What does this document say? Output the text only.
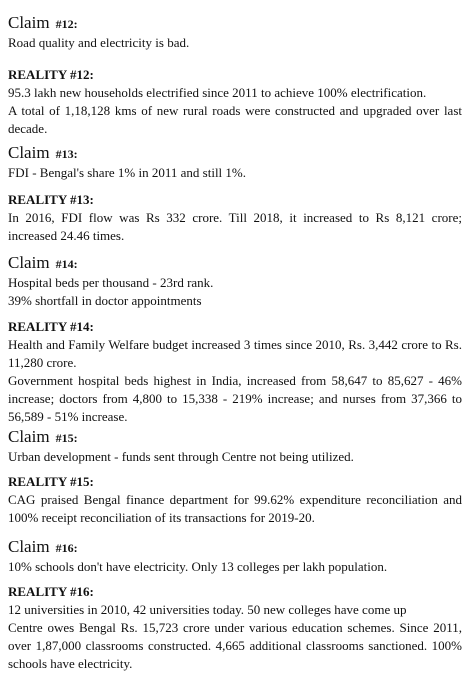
Claim #12:

Road quality and electricity is bad.

REALITY #12:

95.3 lakh new households electrified since 2011 to achieve 100% electrification.

A total of 1,18,128 kms of new rural roads were constructed and upgraded over last decade.

Claim #13:

FDI - Bengal's share 1% in 2011 and still 1%.

REALITY #13:

In 2016, FDI flow was Rs 332 crore. Till 2018, it increased to Rs 8,121 crore; increased 24.46 times.

Claim #14:

Hospital beds per thousand - 23rd rank.

39% shortfall in doctor appointments

REALITY #14:

Health and Family Welfare budget increased 3 times since 2010, Rs. 3,442 crore to Rs. 11,280 crore.

Government hospital beds highest in India, increased from 58,647 to 85,627 - 46% increase; doctors from 4,800 to 15,338 - 219% increase; and nurses from 37,366 to 56,589 - 51% increase.

Claim #15:

Urban development - funds sent through Centre not being utilized.

REALITY #15:

CAG praised Bengal finance department for 99.62% expenditure reconciliation and 100% receipt reconciliation of its transactions for 2019-20.

Claim #16:

10% schools don't have electricity. Only 13 colleges per lakh population.

REALITY #16:

12 universities in 2010, 42 universities today. 50 new colleges have come up

Centre owes Bengal Rs. 15,723 crore under various education schemes. Since 2011, over 1,87,000 classrooms constructed. 4,665 additional classrooms sanctioned. 100% schools have electricity.
